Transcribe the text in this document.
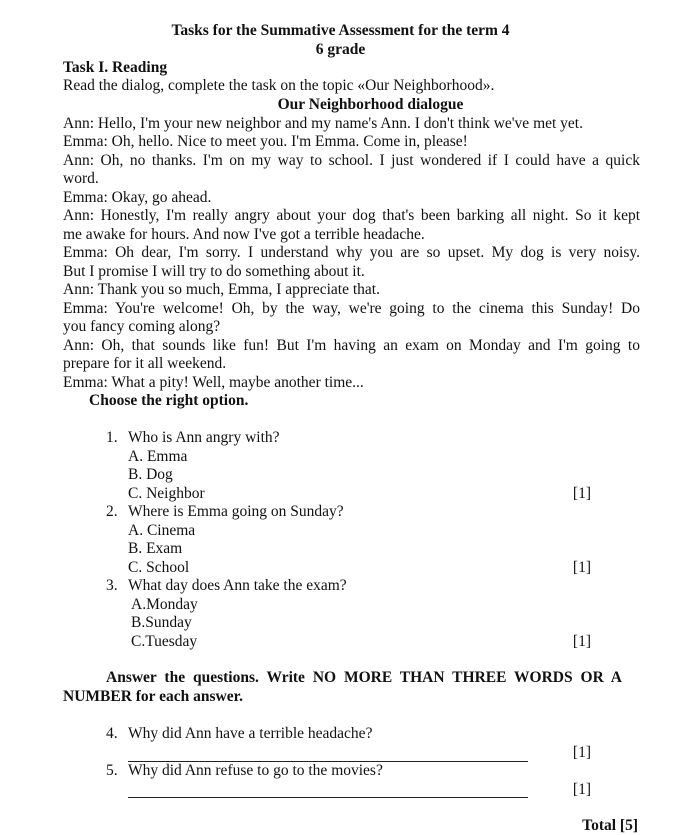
Tasks for the Summative Assessment for the term 4
6 grade
Task I. Reading
Read the dialog, complete the task on the topic «Our Neighborhood».
Our Neighborhood dialogue
Ann: Hello, I'm your new neighbor and my name's Ann. I don't think we've met yet.
Emma: Oh, hello. Nice to meet you. I'm Emma. Come in, please!
Ann: Oh, no thanks. I'm on my way to school. I just wondered if I could have a quick
word.
Emma: Okay, go ahead.
Ann: Honestly, I'm really angry about your dog that's been barking all night. So it kept
me awake for hours. And now I've got a terrible headache.
Emma: Oh dear, I'm sorry. I understand why you are so upset. My dog is very noisy.
But I promise I will try to do something about it.
Ann: Thank you so much, Emma, I appreciate that.
Emma: You're welcome! Oh, by the way, we're going to the cinema this Sunday! Do
you fancy coming along?
Ann: Oh, that sounds like fun! But I'm having an exam on Monday and I'm going to
prepare for it all weekend.
Emma: What a pity! Well, maybe another time...
Choose the right option.
1. Who is Ann angry with?
A. Emma
B. Dog
C. Neighbor	[1]
2. Where is Emma going on Sunday?
A. Cinema
B. Exam
C. School	[1]
3. What day does Ann take the exam?
A.Monday
B.Sunday
C.Tuesday	[1]
Answer the questions. Write NO MORE THAN THREE WORDS OR A
NUMBER for each answer.
4. Why did Ann have a terrible headache?
[1]
5. Why did Ann refuse to go to the movies?
[1]
Total [5]
